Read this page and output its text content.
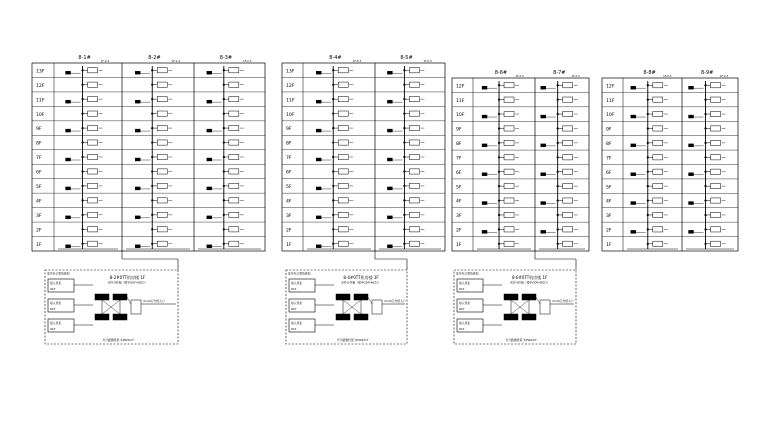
13F
12F
11F
10F
9F
8F
7F
6F
5F
4F
3F
2F
1F
8-1#
1F-2-3
8-2#
1F-2-3
8-3#
1F-2-3
室外综合管线规划
8-2#0TT机房楼 1F
光纤分纤箱（楼宇ODF(48芯)）
接入机柜
OLT
接入机柜
OLT
接入机柜
OLT
4×24芯光缆入户
光分路器机架 共PW2/CT
13F
12F
11F
10F
9F
8F
7F
6F
5F
4F
3F
2F
1F
8-4#
1F-2-3
8-5#
1F-2-3
室外综合管线规划
8-4#0TT机房楼 1F
光纤分纤箱（楼宇ODF(48芯)）
接入机柜
OLT
接入机柜
OLT
接入机柜
OLT
4×24芯光缆入户
光分路器机架 共PW2/CT
12F
11F
10F
9F
8F
7F
6F
5F
4F
3F
2F
1F
8-6#
1F-2-3
8-7#
1F-2-3
室外综合管线规划
8-6#0TT机房楼 1F
光纤分纤箱（楼宇ODF(48芯)）
接入机柜
OLT
接入机柜
OLT
接入机柜
OLT
4×24芯光缆入户
光分路器机架 共PW2/CT
12F
11F
10F
9F
8F
7F
6F
5F
4F
3F
2F
1F
8-8#
1F-2-3
8-9#
1F-2-3
